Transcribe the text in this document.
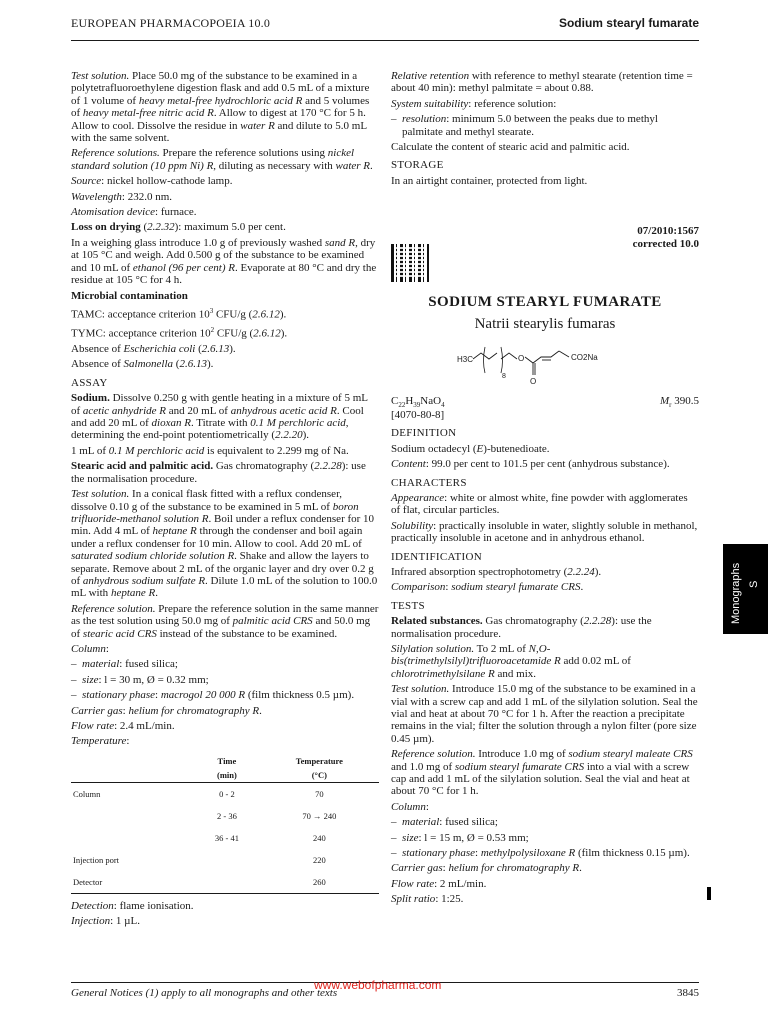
EUROPEAN PHARMACOPOEIA 10.0	Sodium stearyl fumarate

Test solution. Place 50.0 mg of the substance to be examined in a polytetrafluoroethylene digestion flask and add 0.5 mL of a mixture of 1 volume of heavy metal-free hydrochloric acid R and 5 volumes of heavy metal-free nitric acid R. Allow to digest at 170 °C for 5 h. Allow to cool. Dissolve the residue in water R and dilute to 5.0 mL with the same solvent.

Reference solutions. Prepare the reference solutions using nickel standard solution (10 ppm Ni) R, diluting as necessary with water R.

Source: nickel hollow-cathode lamp.

Wavelength: 232.0 nm.

Atomisation device: furnace.

Loss on drying (2.2.32): maximum 5.0 per cent.

In a weighing glass introduce 1.0 g of previously washed sand R, dry at 105 °C and weigh. Add 0.500 g of the substance to be examined and 10 mL of ethanol (96 per cent) R. Evaporate at 80 °C and dry the residue at 105 °C for 4 h.

Microbial contamination

TAMC: acceptance criterion $10^3$ CFU/g (2.6.12).

TYMC: acceptance criterion $10^2$ CFU/g (2.6.12).

Absence of Escherichia coli (2.6.13).

Absence of Salmonella (2.6.13).

ASSAY

Sodium. Dissolve 0.250 g with gentle heating in a mixture of 5 mL of acetic anhydride R and 20 mL of anhydrous acetic acid R. Cool and add 20 mL of dioxan R. Titrate with 0.1 M perchloric acid, determining the end-point potentiometrically (2.2.20).

1 mL of 0.1 M perchloric acid is equivalent to 2.299 mg of Na.

Stearic acid and palmitic acid. Gas chromatography (2.2.28): use the normalisation procedure.

Test solution. In a conical flask fitted with a reflux condenser, dissolve 0.10 g of the substance to be examined in 5 mL of boron trifluoride-methanol solution R. Boil under a reflux condenser for 10 min. Add 4 mL of heptane R through the condenser and boil again under a reflux condenser for 10 min. Allow to cool. Add 20 mL of saturated sodium chloride solution R. Shake and allow the layers to separate. Remove about 2 mL of the organic layer and dry over 0.2 g of anhydrous sodium sulfate R. Dilute 1.0 mL of the solution to 100.0 mL with heptane R.

Reference solution. Prepare the reference solution in the same manner as the test solution using 50.0 mg of palmitic acid CRS and 50.0 mg of stearic acid CRS instead of the substance to be examined.

Column:

– material: fused silica;

– size: l = 30 m, Ø = 0.32 mm;

– stationary phase: macrogol 20 000 R (film thickness 0.5 µm).

Carrier gas: helium for chromatography R.

Flow rate: 2.4 mL/min.

Temperature:

	Time	Temperature
	(min)	(°C)
Column	0 - 2	70
	2 - 36	70 → 240
	36 - 41	240
Injection port		220
Detector		260

Detection: flame ionisation.

Injection: 1 µL.

Relative retention with reference to methyl stearate (retention time = about 40 min): methyl palmitate = about 0.88.

System suitability: reference solution:

– resolution: minimum 5.0 between the peaks due to methyl palmitate and methyl stearate.

Calculate the content of stearic acid and palmitic acid.

STORAGE

In an airtight container, protected from light.

07/2010:1567
corrected 10.0

SODIUM STEARYL FUMARATE

Natrii stearylis fumaras

H3C
8
O
O
CO2Na
$C_{22}H_{39}NaO_4$	$M_r$ 390.5

[4070-80-8]

DEFINITION

Sodium octadecyl (E)-butenedioate.

Content: 99.0 per cent to 101.5 per cent (anhydrous substance).

CHARACTERS

Appearance: white or almost white, fine powder with agglomerates of flat, circular particles.

Solubility: practically insoluble in water, slightly soluble in methanol, practically insoluble in acetone and in anhydrous ethanol.

IDENTIFICATION

Infrared absorption spectrophotometry (2.2.24).

Comparison: sodium stearyl fumarate CRS.

TESTS

Related substances. Gas chromatography (2.2.28): use the normalisation procedure.

Silylation solution. To 2 mL of N,O-bis(trimethylsilyl)trifluoroacetamide R add 0.02 mL of chlorotrimethylsilane R and mix.

Test solution. Introduce 15.0 mg of the substance to be examined in a vial with a screw cap and add 1 mL of the silylation solution. Seal the vial and heat at about 70 °C for 1 h. After the reaction a precipitate remains in the vial; filter the solution through a nylon filter (pore size 0.45 µm).

Reference solution. Introduce 1.0 mg of sodium stearyl maleate CRS and 1.0 mg of sodium stearyl fumarate CRS into a vial with a screw cap and add 1 mL of the silylation solution. Seal the vial and heat at about 70 °C for 1 h.

Column:

– material: fused silica;

– size: l = 15 m, Ø = 0.53 mm;

– stationary phase: methylpolysiloxane R (film thickness 0.15 µm).

Carrier gas: helium for chromatography R.

Flow rate: 2 mL/min.

Split ratio: 1:25.

Monographs S
General Notices (1) apply to all monographs and other texts	3845
www.webofpharma.com
